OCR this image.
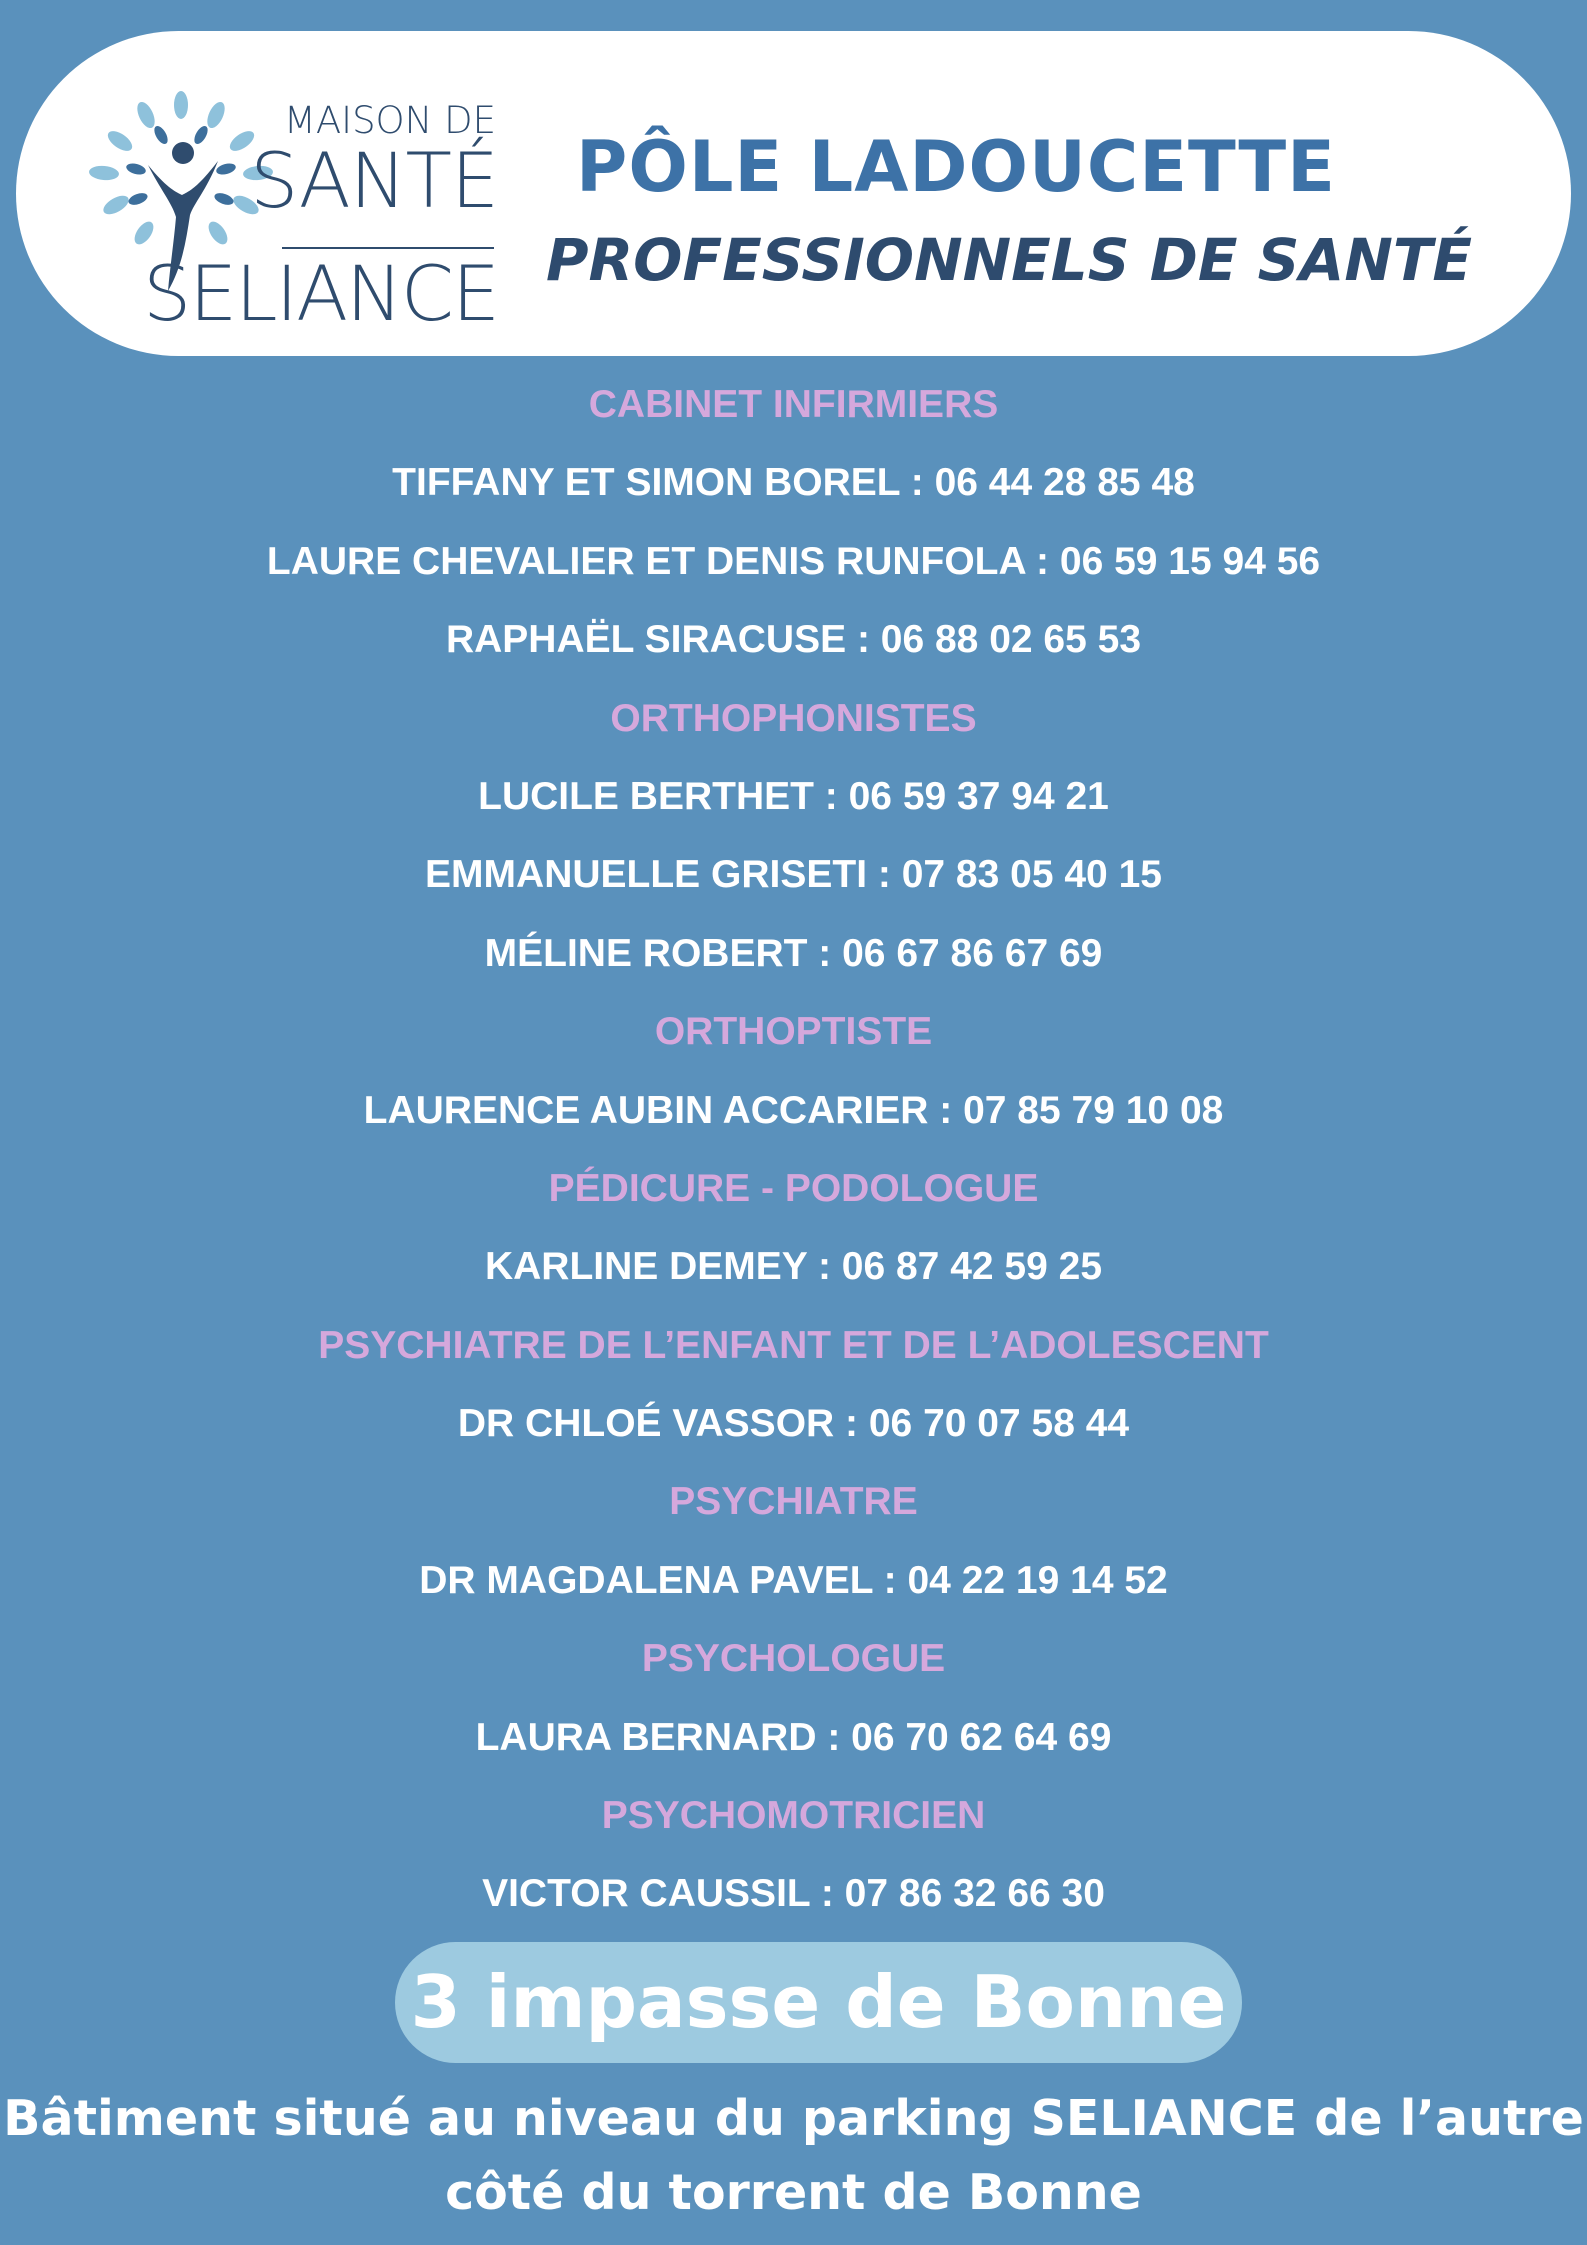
MAISON DE
SANTÉ
SELIANCE
PÔLE LADOUCETTE
PROFESSIONNELS DE SANTÉ
CABINET INFIRMIERS
TIFFANY ET SIMON BOREL : 06 44 28 85 48
LAURE CHEVALIER ET DENIS RUNFOLA : 06 59 15 94 56
RAPHAËL SIRACUSE : 06 88 02 65 53
ORTHOPHONISTES
LUCILE BERTHET : 06 59 37 94 21
EMMANUELLE GRISETI : 07 83 05 40 15
MÉLINE ROBERT : 06 67 86 67 69
ORTHOPTISTE
LAURENCE AUBIN ACCARIER : 07 85 79 10 08
PÉDICURE - PODOLOGUE
KARLINE DEMEY : 06 87 42 59 25
PSYCHIATRE DE L’ENFANT ET DE L’ADOLESCENT
DR CHLOÉ VASSOR : 06 70 07 58 44
PSYCHIATRE
DR MAGDALENA PAVEL : 04 22 19 14 52
PSYCHOLOGUE
LAURA BERNARD : 06 70 62 64 69
PSYCHOMOTRICIEN
VICTOR CAUSSIL : 07 86 32 66 30
3 impasse de Bonne
Bâtiment situé au niveau du parking SELIANCE de l’autre
côté du torrent de Bonne
